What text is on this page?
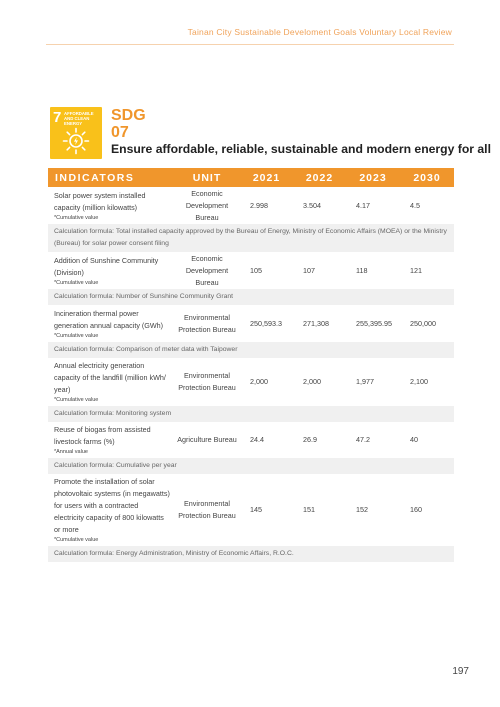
Tainan City Sustainable Develoment Goals Voluntary Local Review
7 AFFORDABLE AND CLEAN ENERGY	SDG
07
Ensure affordable, reliable, sustainable and modern energy for all
INDICATORS	UNIT	2021	2022	2023	2030
Solar power system installed capacity (million kilowatts)
*Cumulative value	Economic Development Bureau	2.998	3.504	4.17	4.5
Calculation formula: Total installed capacity approved by the Bureau of Energy, Ministry of Economic Affairs (MOEA) or the Ministry (Bureau) for solar power consent filing					
Addition of Sunshine Community (Division)
*Cumulative value	Economic Development Bureau	105	107	118	121
Calculation formula: Number of Sunshine Community Grant					
Incineration thermal power generation annual capacity (GWh)
*Cumulative value	Environmental Protection Bureau	250,593.3	271,308	255,395.95	250,000
Calculation formula: Comparison of meter data with Taipower					
Annual electricity generation capacity of the landfill (million kWh/ year)
*Cumulative value	Environmental Protection Bureau	2,000	2,000	1,977	2,100
Calculation formula: Monitoring system					
Reuse of biogas from assisted livestock farms (%)
*Annual value	Agriculture Bureau	24.4	26.9	47.2	40
Calculation formula: Cumulative per year					
Promote the installation of solar photovoltaic systems (in megawatts) for users with a contracted electricity capacity of 800 kilowatts or more
*Cumulative value	Environmental Protection Bureau	145	151	152	160
Calculation formula: Energy Administration, Ministry of Economic Affairs, R.O.C.					
197
